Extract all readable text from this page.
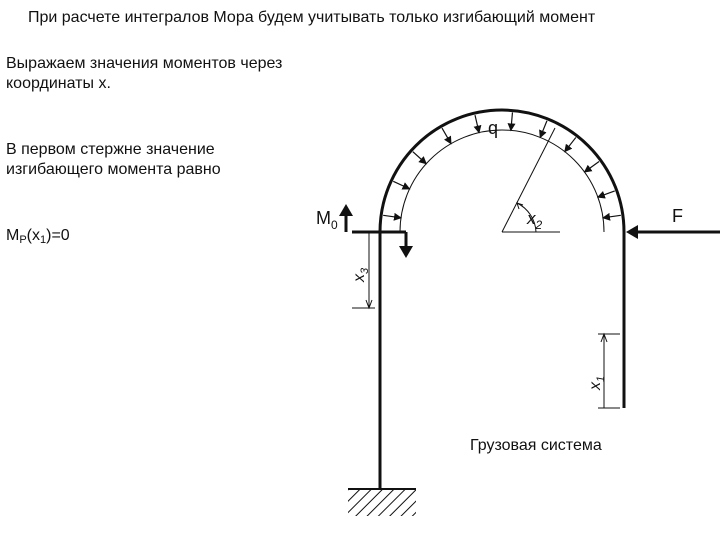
При расчете интегралов Мора будем учитывать только изгибающий момент
Выражаем значения моментов через
координаты x.
В первом стержне значение
изгибающего момента равно
$M_P(x_1)=0$
q
$x_2$
$M_0$	F
$x_3$
$x_1$
Грузовая система
